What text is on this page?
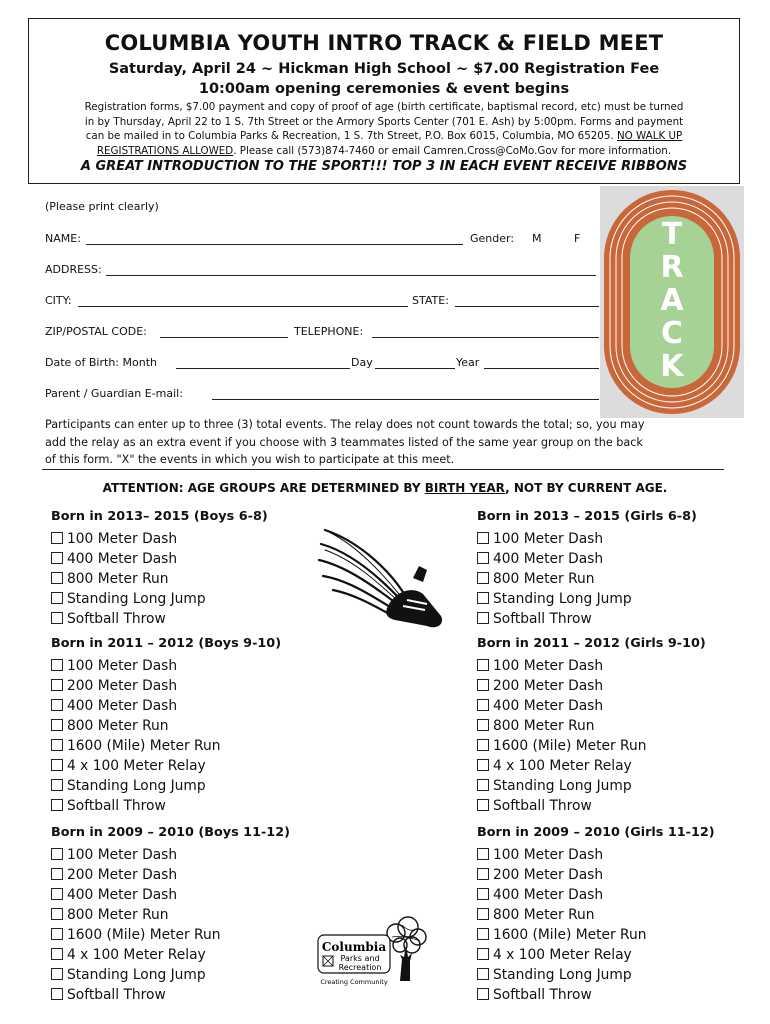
COLUMBIA YOUTH INTRO TRACK & FIELD MEET
Saturday, April 24 ~ Hickman High School ~ $7.00 Registration Fee
10:00am opening ceremonies & event begins
Registration forms, $7.00 payment and copy of proof of age (birth certificate, baptismal record, etc) must be turned
in by Thursday, April 22 to 1 S. 7th Street or the Armory Sports Center (701 E. Ash) by 5:00pm. Forms and payment
can be mailed in to Columbia Parks & Recreation, 1 S. 7th Street, P.O. Box 6015, Columbia, MO 65205. NO WALK UP
REGISTRATIONS ALLOWED. Please call (573)874-7460 or email Camren.Cross@CoMo.Gov for more information.
A GREAT INTRODUCTION TO THE SPORT!!! TOP 3 IN EACH EVENT RECEIVE RIBBONS
(Please print clearly)
NAME:	Gender: M	F
ADDRESS:
CITY:	STATE:
ZIP/POSTAL CODE:	TELEPHONE:
Date of Birth: Month	Day	Year
Parent / Guardian E-mail:
T
R
A
C
K
Participants can enter up to three (3) total events. The relay does not count towards the total; so, you may
add the relay as an extra event if you choose with 3 teammates listed of the same year group on the back
of this form. "X" the events in which you wish to participate at this meet.
ATTENTION: AGE GROUPS ARE DETERMINED BY BIRTH YEAR, NOT BY CURRENT AGE.
Born in 2013– 2015 (Boys 6-8)
100 Meter Dash
400 Meter Dash
800 Meter Run
Standing Long Jump
Softball Throw
Born in 2013 – 2015 (Girls 6-8)
100 Meter Dash
400 Meter Dash
800 Meter Run
Standing Long Jump
Softball Throw
Born in 2011 – 2012 (Boys 9-10)
100 Meter Dash
200 Meter Dash
400 Meter Dash
800 Meter Run
1600 (Mile) Meter Run
4 x 100 Meter Relay
Standing Long Jump
Softball Throw
Born in 2011 – 2012 (Girls 9-10)
100 Meter Dash
200 Meter Dash
400 Meter Dash
800 Meter Run
1600 (Mile) Meter Run
4 x 100 Meter Relay
Standing Long Jump
Softball Throw
Born in 2009 – 2010 (Boys 11-12)
100 Meter Dash
200 Meter Dash
400 Meter Dash
800 Meter Run
1600 (Mile) Meter Run
4 x 100 Meter Relay
Standing Long Jump
Softball Throw
Born in 2009 – 2010 (Girls 11-12)
100 Meter Dash
200 Meter Dash
400 Meter Dash
800 Meter Run
1600 (Mile) Meter Run
4 x 100 Meter Relay
Standing Long Jump
Softball Throw
Columbia
Parks and
Recreation
Creating Community
